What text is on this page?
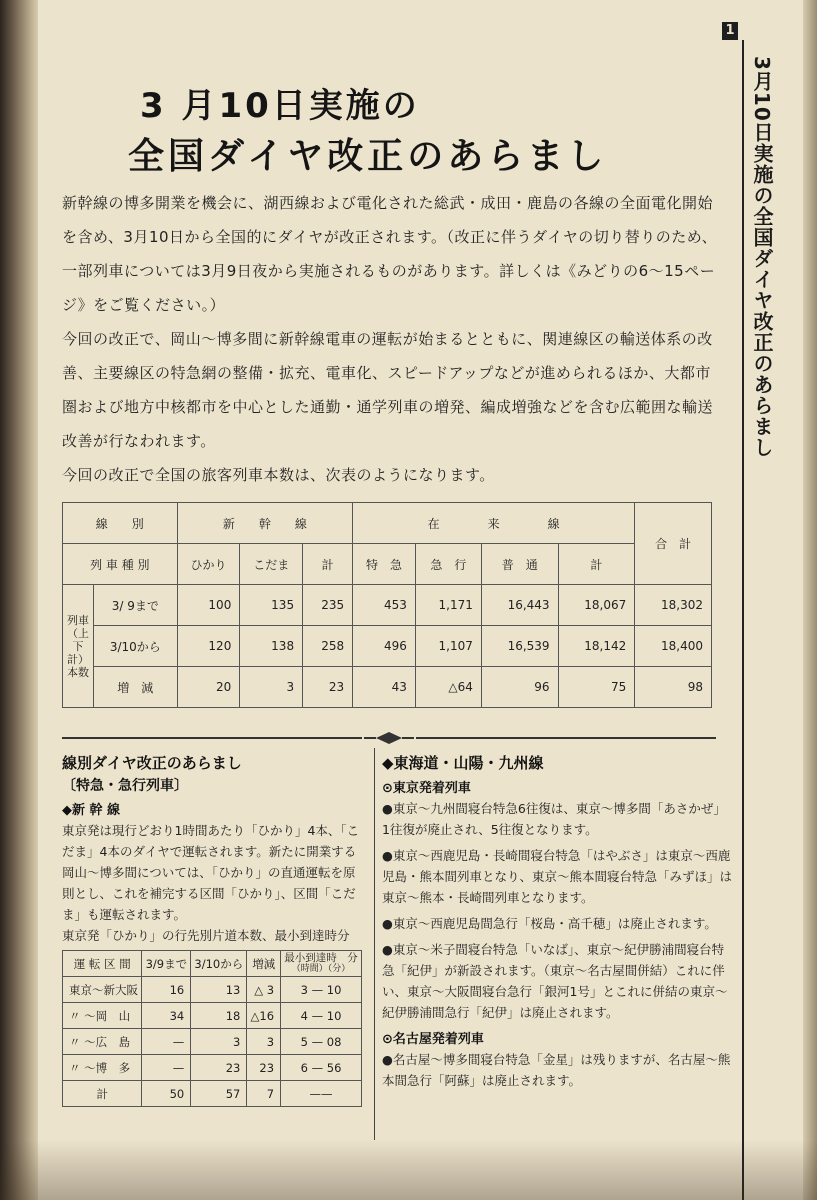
1
3月10日実施の全国ダイヤ改正のあらまし
3 月10日実施の
全国ダイヤ改正のあらまし

新幹線の博多開業を機会に、湖西線および電化された総武・成田・鹿島の各線の全面電化開始を含め、3月10日から全国的にダイヤが改正されます。（改正に伴うダイヤの切り替りのため、一部列車については3月9日夜から実施されるものがあります。詳しくは《みどりの6〜15ページ》をご覧ください。）

今回の改正で、岡山〜博多間に新幹線電車の運転が始まるとともに、関連線区の輸送体系の改善、主要線区の特急網の整備・拡充、電車化、スピードアップなどが進められるほか、大都市圏および地方中核都市を中心とした通勤・通学列車の増発、編成増強などを含む広範囲な輸送改善が行なわれます。

今回の改正で全国の旅客列車本数は、次表のようになります。

線　　別		新　　幹　　線			在　　　　来　　　　線				合　計
列 車 種 別		ひかり	こだま	計	特　急	急　行	普　通	計	
列車（上下計）本数	3/ 9まで	100	135	235	453	1,171	16,443	18,067	18,302
	3/10から	120	138	258	496	1,107	16,539	18,142	18,400
	増　減	20	3	23	43	△64	96	75	98
線別ダイヤ改正のあらまし
〔特急・急行列車〕
◆新 幹 線

東京発は現行どおり1時間あたり「ひかり」4本、「こだま」4本のダイヤで運転されます。新たに開業する岡山〜博多間については、「ひかり」の直通運転を原則とし、これを補完する区間「ひかり」、区間「こだま」も運転されます。

東京発「ひかり」の行先別片道本数、最小到達時分

運 転 区 間	3/9まで	3/10から	増減	最小到達時　分
（時間）（分）

東京〜新大阪	16	13	△ 3	3 — 10
〃 〜岡　山	34	18	△16	4 — 10
〃 〜広　島	—	3	3	5 — 08
〃 〜博　多	—	23	23	6 — 56
計	50	57	7	——
◆東海道・山陽・九州線
⊙東京発着列車

●東京〜九州間寝台特急6往復は、東京〜博多間「あさかぜ」1往復が廃止され、5往復となります。

●東京〜西鹿児島・長崎間寝台特急「はやぶさ」は東京〜西鹿児島・熊本間列車となり、東京〜熊本間寝台特急「みずほ」は東京〜熊本・長崎間列車となります。

●東京〜西鹿児島間急行「桜島・高千穂」は廃止されます。

●東京〜米子間寝台特急「いなば」、東京〜紀伊勝浦間寝台特急「紀伊」が新設されます。（東京〜名古屋間併結）これに伴い、東京〜大阪間寝台急行「銀河1号」とこれに併結の東京〜紀伊勝浦間急行「紀伊」は廃止されます。

⊙名古屋発着列車

●名古屋〜博多間寝台特急「金星」は残りますが、名古屋〜熊本間急行「阿蘇」は廃止されます。
